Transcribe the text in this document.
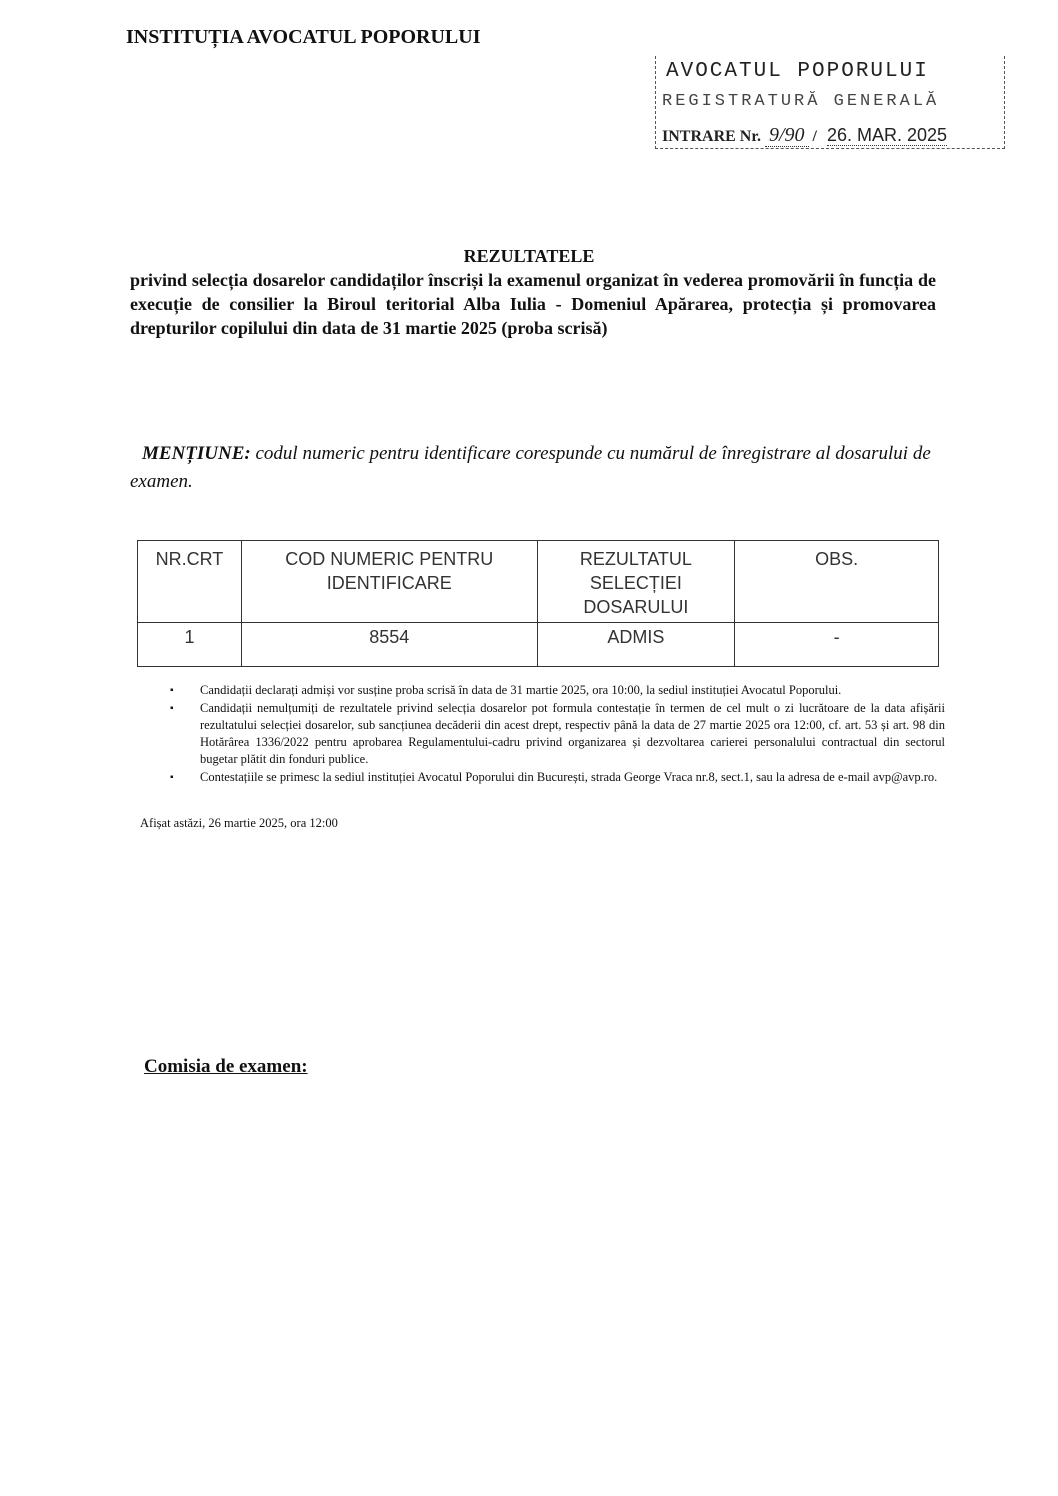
INSTITUȚIA AVOCATUL POPORULUI
AVOCATUL POPORULUI
REGISTRATURĂ GENERALĂ
INTRARE Nr. 9/90 / 26. MAR. 2025
REZULTATELE
privind selecția dosarelor candidaților înscriși la examenul organizat în vederea promovării în funcția de execuție de consilier la Biroul teritorial Alba Iulia - Domeniul Apărarea, protecția și promovarea drepturilor copilului din data de 31 martie 2025 (proba scrisă)
MENȚIUNE: codul numeric pentru identificare corespunde cu numărul de înregistrare al dosarului de examen.
NR.CRT	COD NUMERIC PENTRU IDENTIFICARE	REZULTATUL SELECȚIEI DOSARULUI	OBS.
1	8554	ADMIS	-
▪ Candidații declarați admiși vor susține proba scrisă în data de 31 martie 2025, ora 10:00, la sediul instituției Avocatul Poporului.
▪ Candidații nemulțumiți de rezultatele privind selecția dosarelor pot formula contestație în termen de cel mult o zi lucrătoare de la data afișării rezultatului selecției dosarelor, sub sancțiunea decăderii din acest drept, respectiv până la data de 27 martie 2025 ora 12:00, cf. art. 53 și art. 98 din Hotărârea 1336/2022 pentru aprobarea Regulamentului-cadru privind organizarea și dezvoltarea carierei personalului contractual din sectorul bugetar plătit din fonduri publice.
▪ Contestațiile se primesc la sediul instituției Avocatul Poporului din București, strada George Vraca nr.8, sect.1, sau la adresa de e-mail avp@avp.ro.
Afișat astăzi, 26 martie 2025, ora 12:00
Comisia de examen:
